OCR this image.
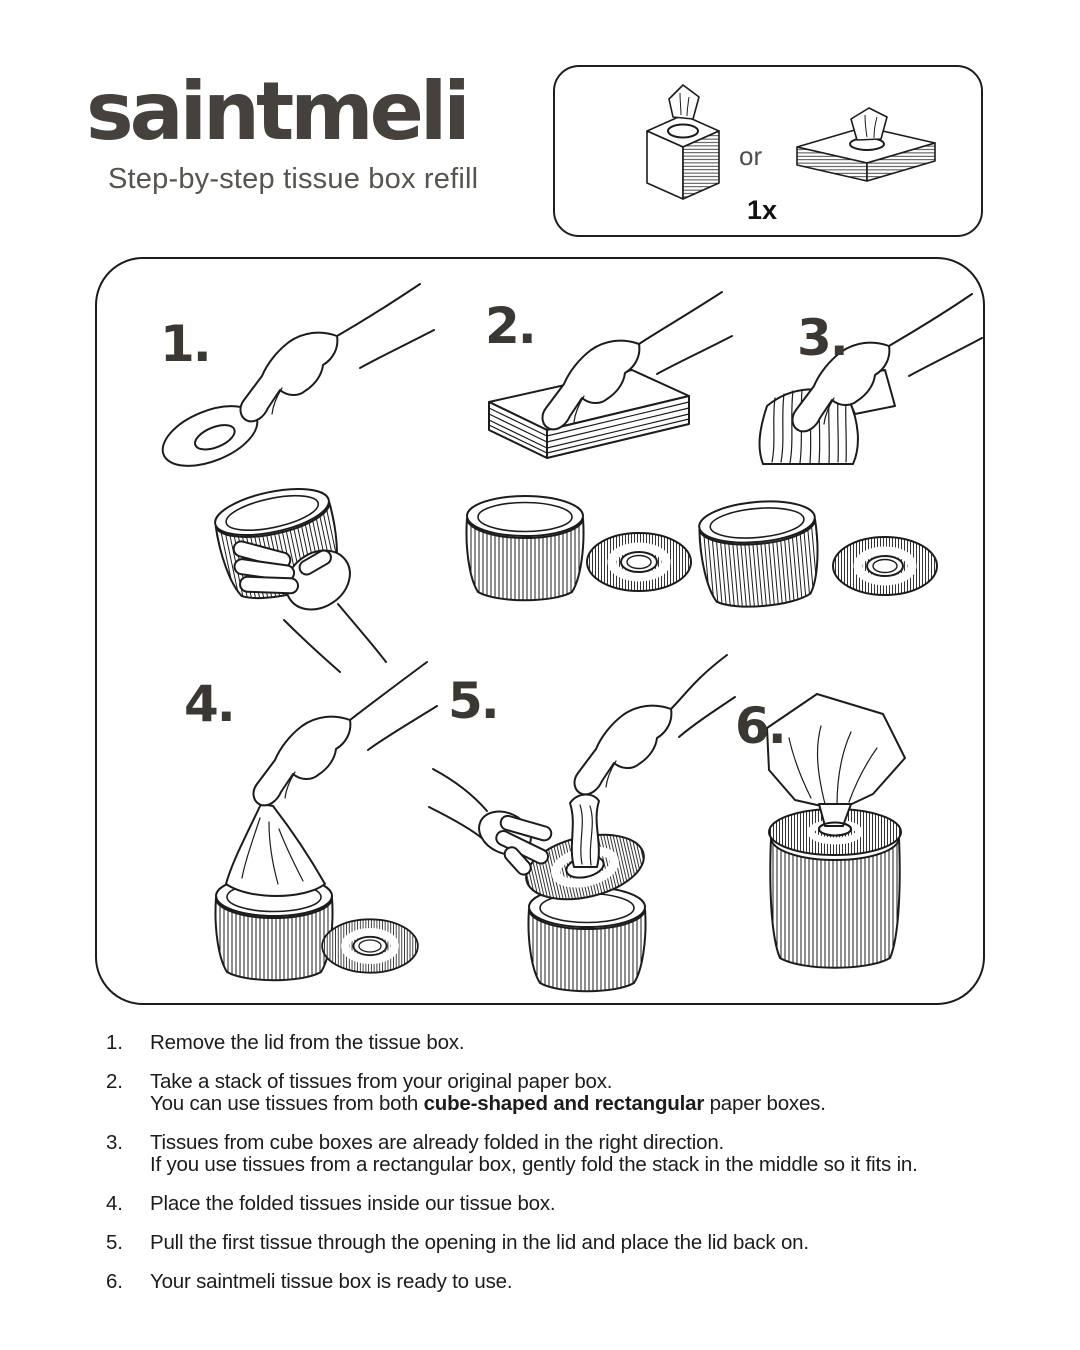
saintmeli
Step-by-step tissue box refill
or
1x
1.	2.	3.
4.	5.	6.
1.	Remove the lid from the tissue box.
2.	Take a stack of tissues from your original paper box.
You can use tissues from both cube-shaped and rectangular paper boxes.
3.	Tissues from cube boxes are already folded in the right direction.
If you use tissues from a rectangular box, gently fold the stack in the middle so it fits in.
4.	Place the folded tissues inside our tissue box.
5.	Pull the first tissue through the opening in the lid and place the lid back on.
6.	Your saintmeli tissue box is ready to use.
